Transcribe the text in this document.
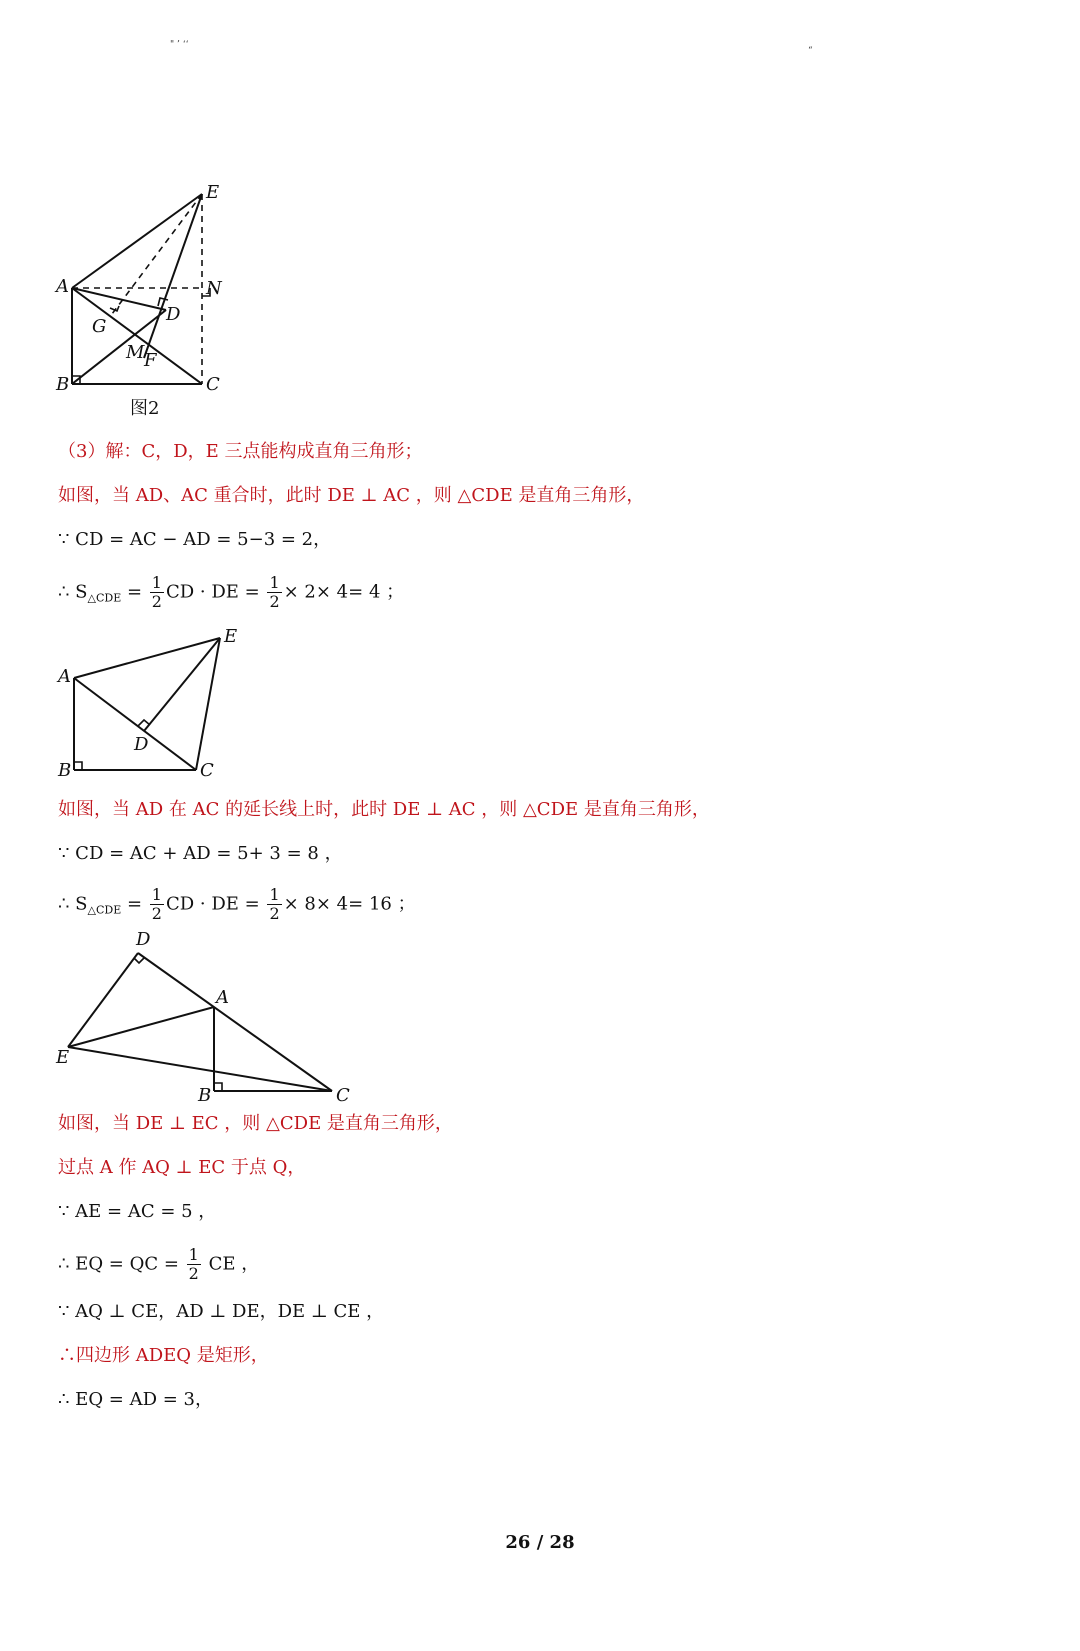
" ’ ‘‘
“
E
A	N
D
G
M F
B	C
图2
（3）解：C，D，E 三点能构成直角三角形；
如图，当 AD、AC 重合时，此时 DE ⊥ AC ，则 △CDE 是直角三角形，
∵ CD = AC − AD = 5−3 = 2，
∴ $S_{\triangle CDE} = \frac{1}{2}$ CD · DE = $\frac{1}{2} \times 2\times 4= 4$ ；
A
E
D
B	C
如图，当 AD 在 AC 的延长线上时，此时 DE ⊥ AC ，则 △CDE 是直角三角形，
∵ CD = AC + AD = 5+ 3 = 8 ，
∴ $S_{\triangle CDE} = \frac{1}{2}$ CD · DE = $\frac{1}{2} \times 8\times 4= 16$ ；
D
A
E
B	C
如图，当 DE ⊥ EC ，则 △CDE 是直角三角形，
过点 A 作 AQ ⊥ EC 于点 Q，
∵ AE = AC = 5 ，
∴ EQ = QC = $\frac{1}{2}$ CE ，
∵ AQ ⊥ CE，AD ⊥ DE，DE ⊥ CE ，
∴四边形 ADEQ 是矩形，
∴ EQ = AD = 3，
26 / 28
